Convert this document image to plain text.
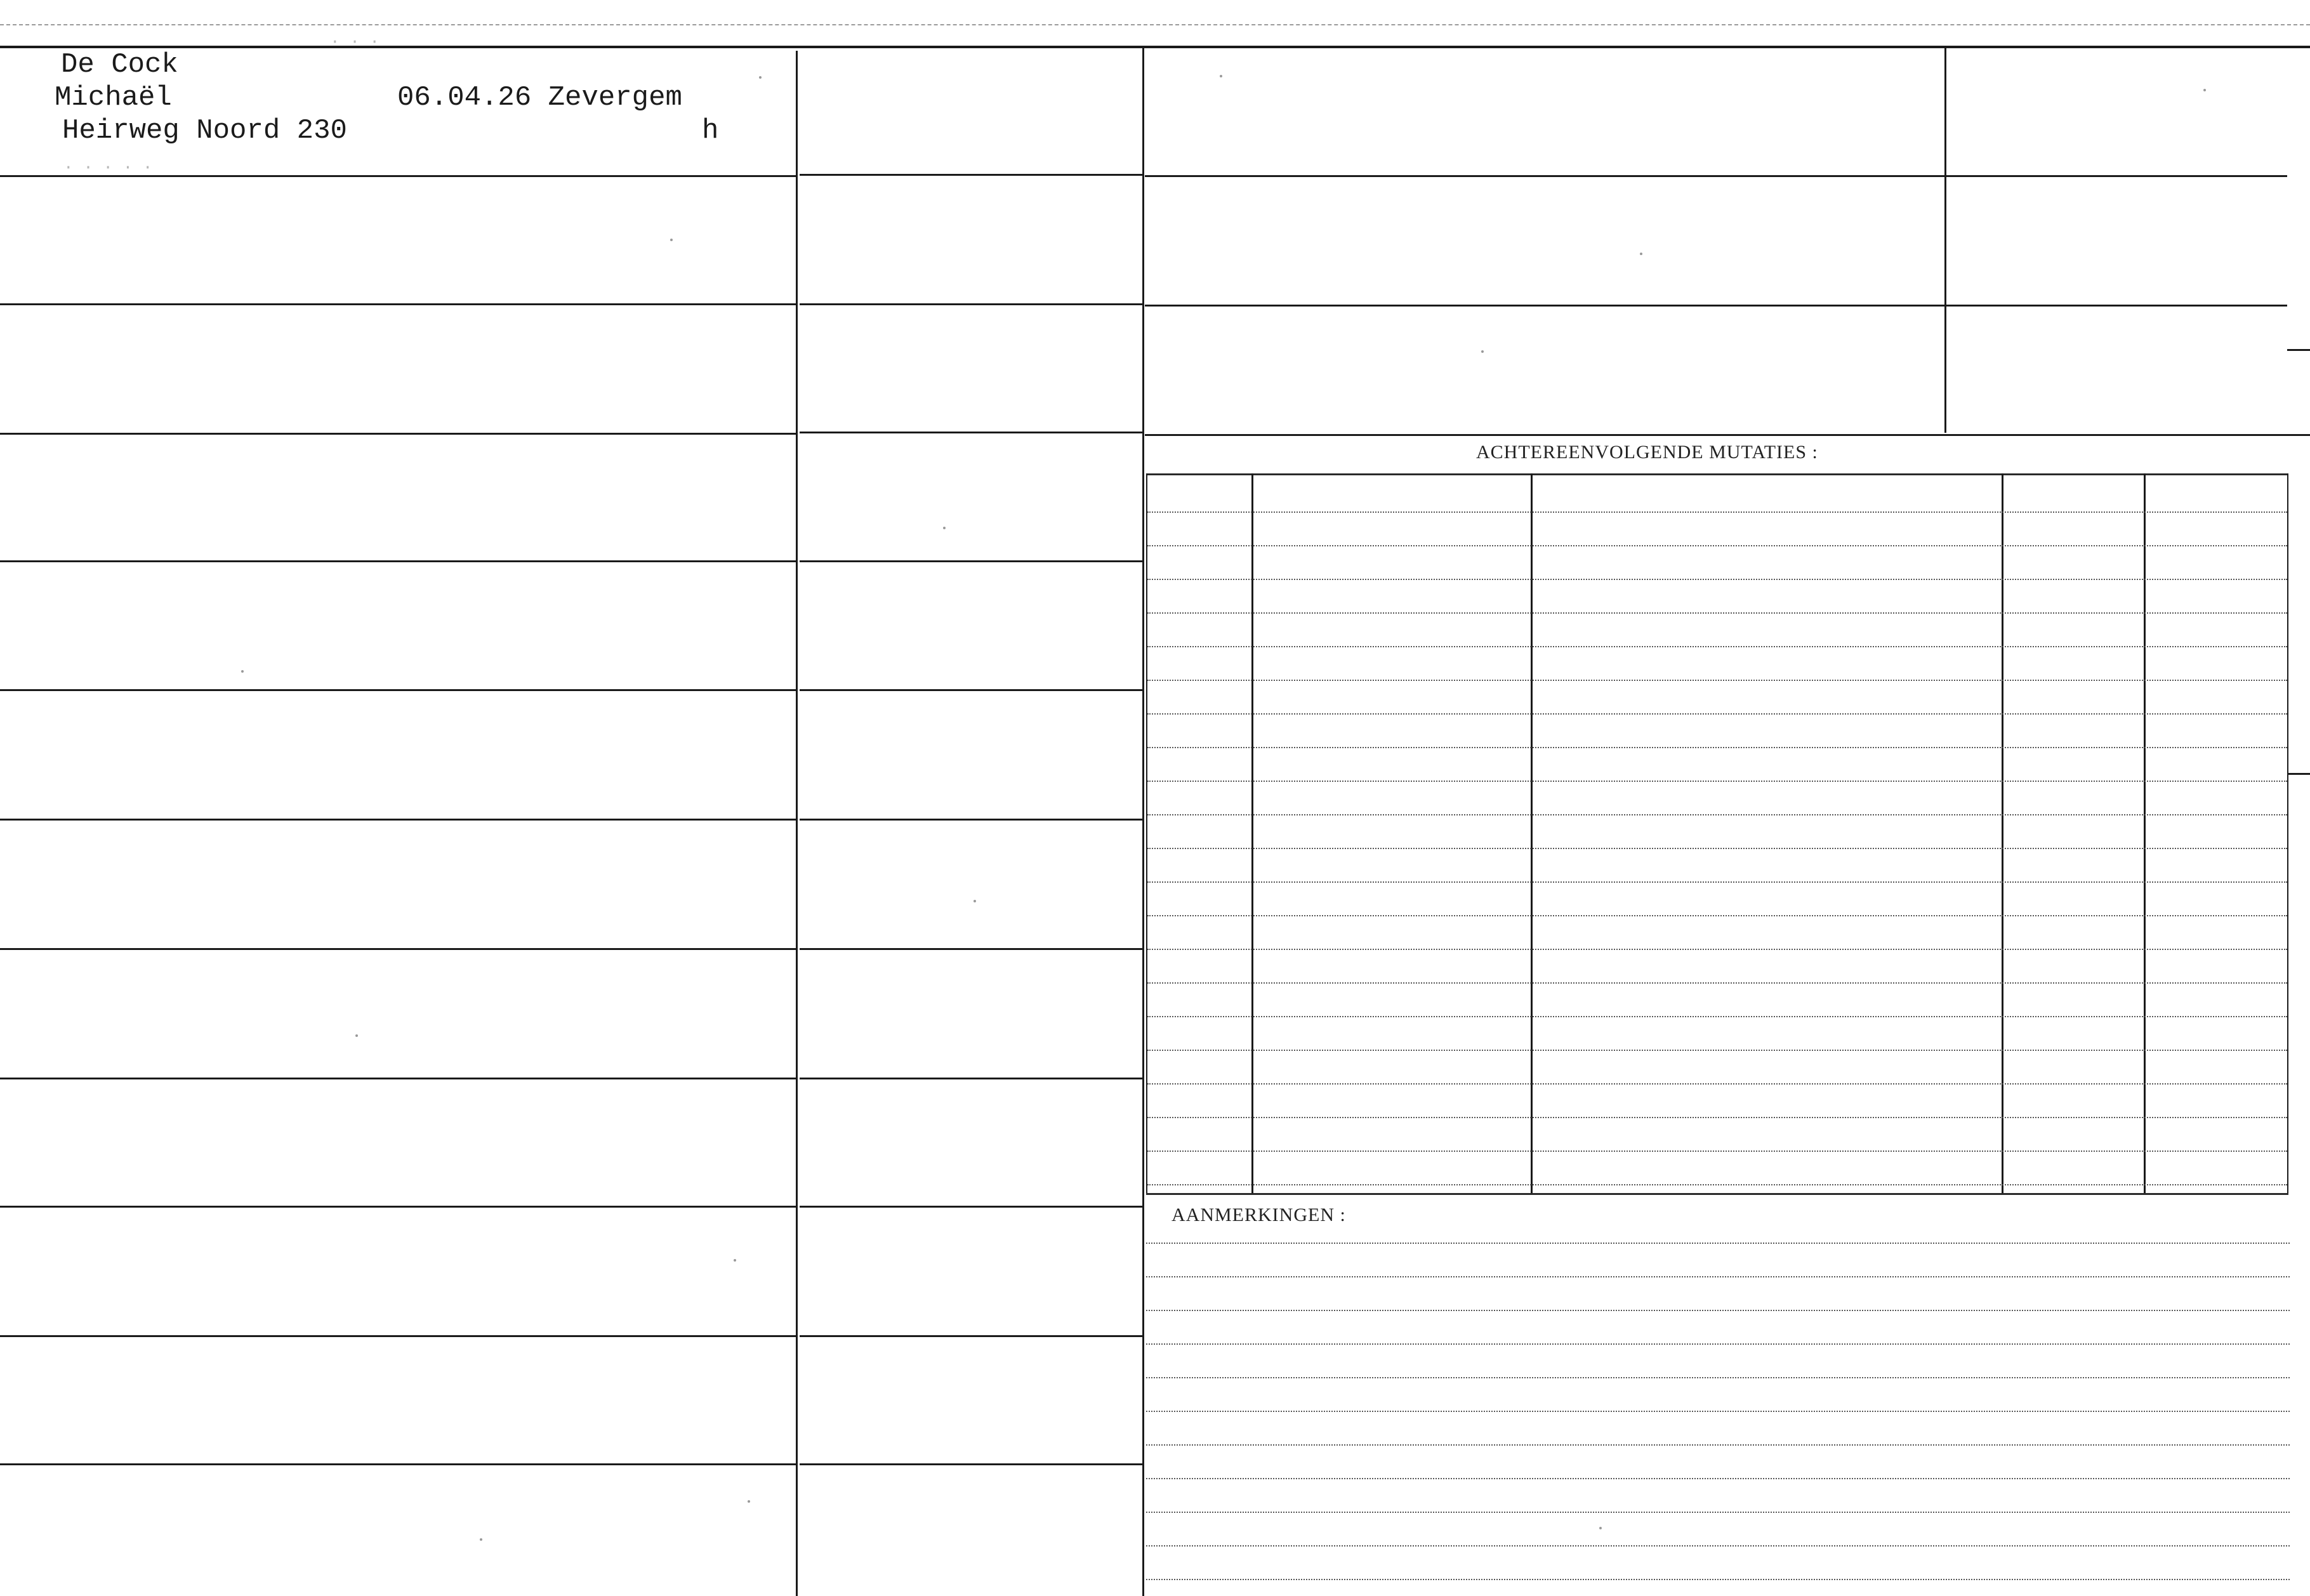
De Cock
Michaël	06.04.26 Zevergem
Heirweg Noord 230	h
· · ·
· · · · ·
ACHTEREENVOLGENDE MUTATIES :
AANMERKINGEN :
